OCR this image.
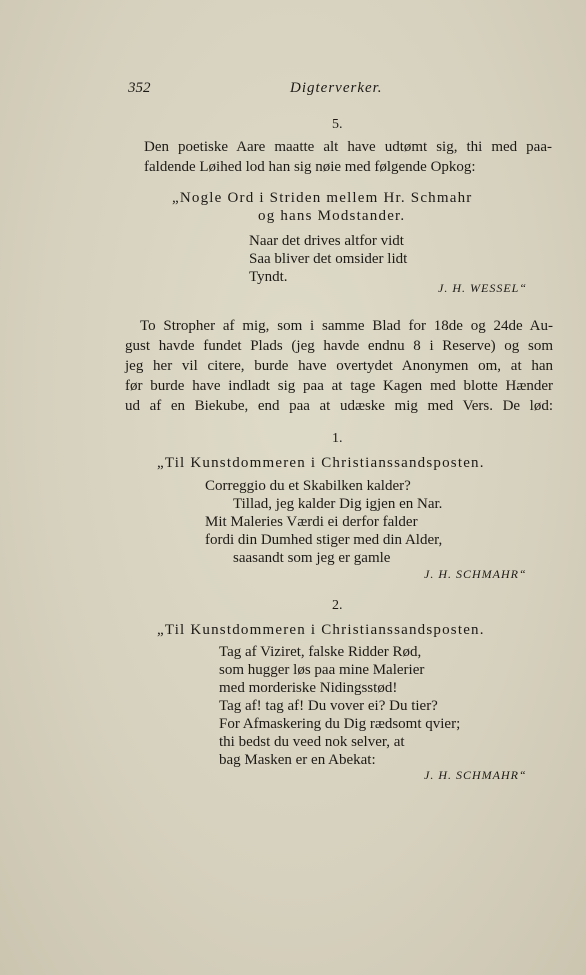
352	Digterverker.
5.
Den poetiske Aare maatte alt have udtømt sig, thi med paa-
faldende Løihed lod han sig nøie med følgende Opkog:
„Nogle Ord i Striden mellem Hr. Schmahr
og hans Modstander.
Naar det drives altfor vidt
Saa bliver det omsider lidt
Tyndt.
J. H. WESSEL“
To Stropher af mig, som i samme Blad for 18de og 24de Au-
gust havde fundet Plads (jeg havde endnu 8 i Reserve) og som
jeg her vil citere, burde have overtydet Anonymen om, at han
før burde have indladt sig paa at tage Kagen med blotte Hænder
ud af en Biekube, end paa at udæske mig med Vers. De lød:
1.
„Til Kunstdommeren i Christianssandsposten.
Correggio du et Skabilken kalder?
Tillad, jeg kalder Dig igjen en Nar.
Mit Maleries Værdi ei derfor falder
fordi din Dumhed stiger med din Alder,
saasandt som jeg er gamle
J. H. SCHMAHR“
2.
„Til Kunstdommeren i Christianssandsposten.
Tag af Viziret, falske Ridder Rød,
som hugger løs paa mine Malerier
med morderiske Nidingsstød!
Tag af! tag af! Du vover ei? Du tier?
For Afmaskering du Dig rædsomt qvier;
thi bedst du veed nok selver, at
bag Masken er en Abekat:
J. H. SCHMAHR“
